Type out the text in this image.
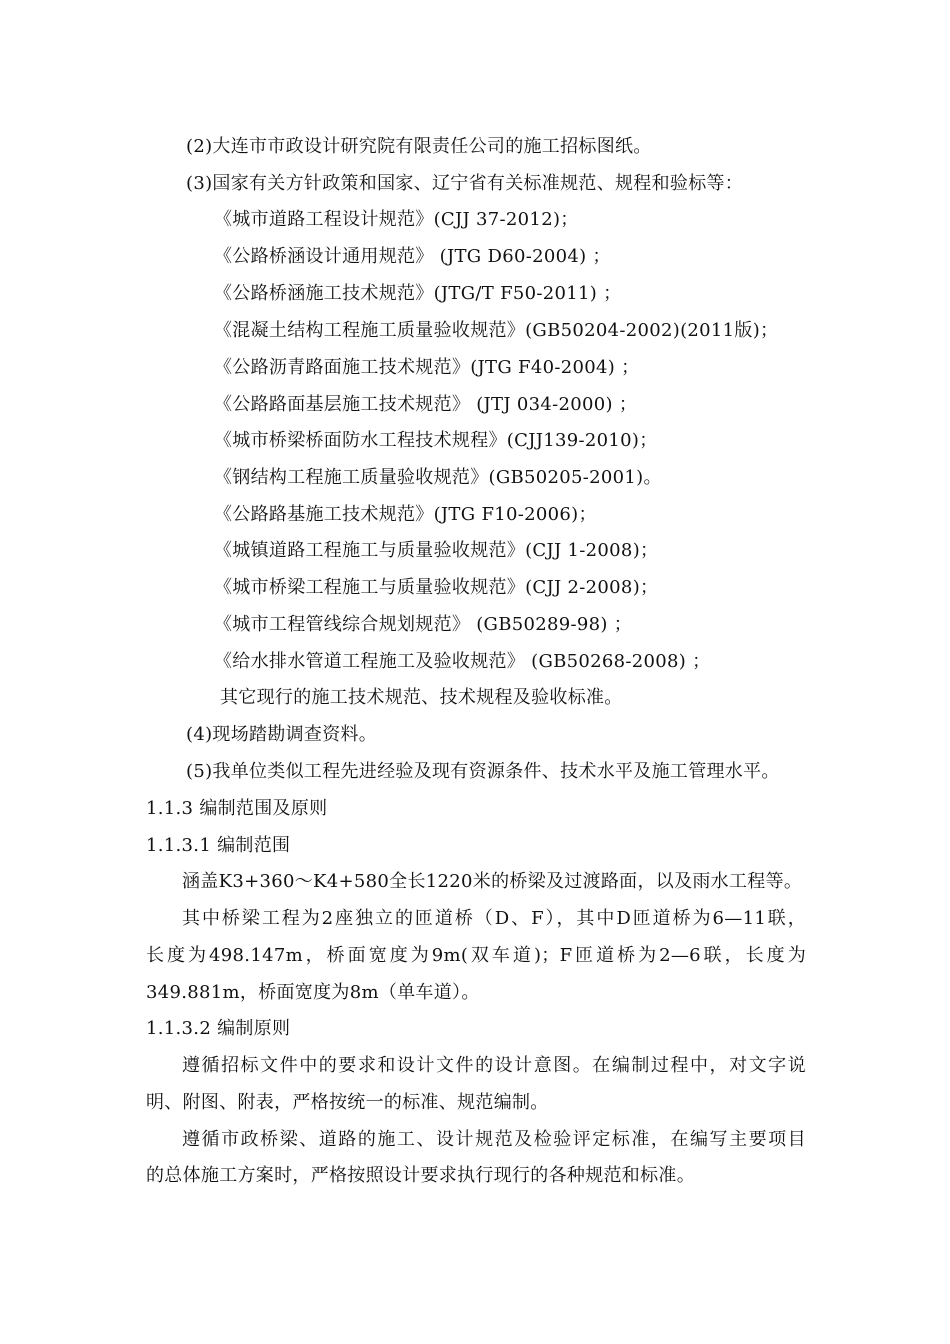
(2)大连市市政设计研究院有限责任公司的施工招标图纸。
(3)国家有关方针政策和国家、辽宁省有关标准规范、规程和验标等：
《城市道路工程设计规范》(CJJ 37-2012)；
《公路桥涵设计通用规范》 (JTG D60-2004) ；
《公路桥涵施工技术规范》(JTG/T F50-2011) ；
《混凝土结构工程施工质量验收规范》(GB50204-2002)(2011版)；
《公路沥青路面施工技术规范》(JTG F40-2004) ；
《公路路面基层施工技术规范》 (JTJ 034-2000) ；
《城市桥梁桥面防水工程技术规程》(CJJ139-2010)；
《钢结构工程施工质量验收规范》(GB50205-2001)。
《公路路基施工技术规范》(JTG F10-2006)；
《城镇道路工程施工与质量验收规范》(CJJ 1-2008)；
《城市桥梁工程施工与质量验收规范》(CJJ 2-2008)；
《城市工程管线综合规划规范》 (GB50289-98) ；
《给水排水管道工程施工及验收规范》 (GB50268-2008) ；
其它现行的施工技术规范、技术规程及验收标准。
(4)现场踏勘调查资料。
(5)我单位类似工程先进经验及现有资源条件、技术水平及施工管理水平。
1.1.3 编制范围及原则
1.1.3.1 编制范围
涵盖K3+360～K4+580全长1220米的桥梁及过渡路面，以及雨水工程等。
其中桥梁工程为2座独立的匝道桥（D、F），其中D匝道桥为6—11联，
长度为498.147m，桥面宽度为9m(双车道)；F匝道桥为2—6联，长度为
349.881m，桥面宽度为8m（单车道）。
1.1.3.2 编制原则
遵循招标文件中的要求和设计文件的设计意图。在编制过程中，对文字说
明、附图、附表，严格按统一的标准、规范编制。
遵循市政桥梁、道路的施工、设计规范及检验评定标准，在编写主要项目
的总体施工方案时，严格按照设计要求执行现行的各种规范和标准。
